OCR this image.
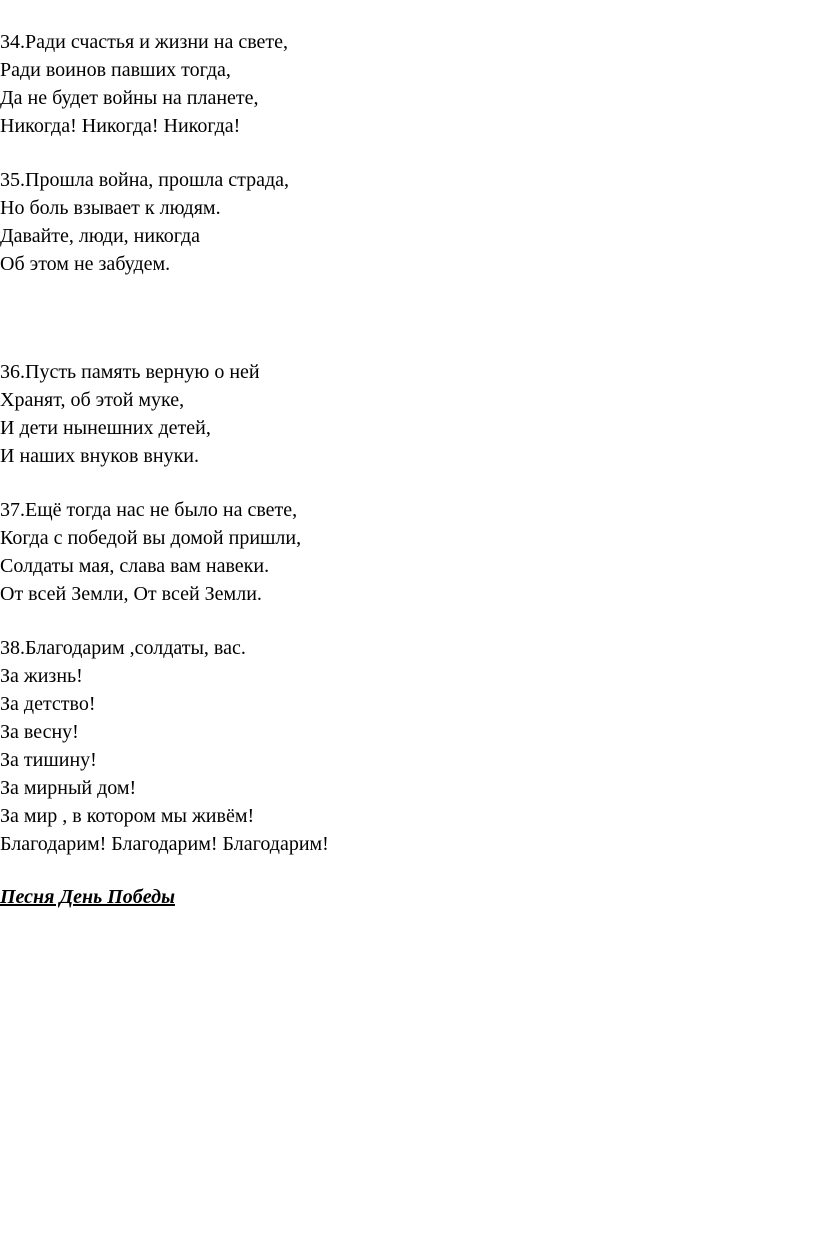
34.Ради счастья и жизни на свете,
Ради воинов павших тогда,
Да не будет войны на планете,
Никогда! Никогда! Никогда!
35.Прошла война, прошла страда,
Но боль взывает к людям.
Давайте, люди, никогда
Об этом не забудем.
36.Пусть память верную о ней
Хранят, об этой муке,
И дети нынешних детей,
И наших внуков внуки.
37.Ещё тогда нас не было на свете,
Когда с победой вы домой пришли,
Солдаты мая, слава вам навеки.
От всей Земли, От всей Земли.
38.Благодарим ,солдаты, вас.
За жизнь!
За детство!
За весну!
За тишину!
За мирный дом!
За мир , в котором мы живём!
Благодарим! Благодарим! Благодарим!
Песня День Победы
